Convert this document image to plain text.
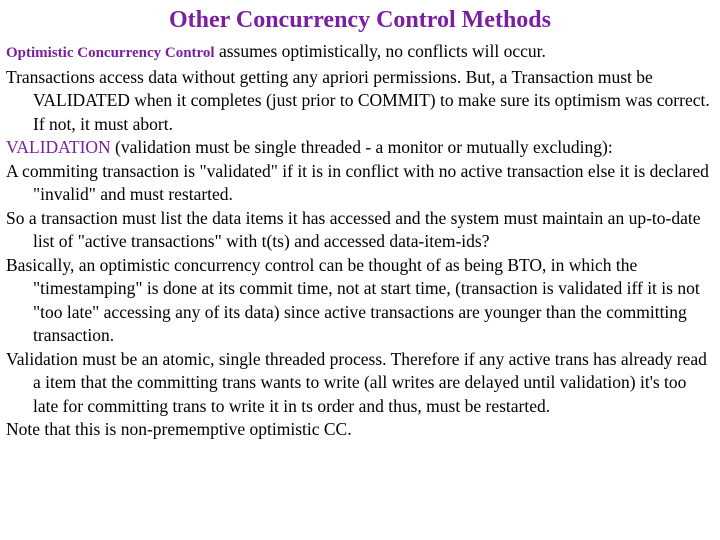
Other Concurrency Control Methods

Optimistic Concurrency Control assumes optimistically, no conflicts will occur.

Transactions access data without getting any apriori permissions. But, a Transaction must be VALIDATED when it completes (just prior to COMMIT) to make sure its optimism was correct. If not, it must abort.

VALIDATION (validation must be single threaded - a monitor or mutually excluding):

A commiting transaction is "validated" if it is in conflict with no active transaction else it is declared "invalid" and must restarted.

So a transaction must list the data items it has accessed and the system must maintain an up-to-date list of "active transactions" with t(ts) and accessed data-item-ids?

Basically, an optimistic concurrency control can be thought of as being BTO, in which the "timestamping" is done at its commit time, not at start time, (transaction is validated iff it is not "too late" accessing any of its data) since active transactions are younger than the committing transaction.

Validation must be an atomic, single threaded process. Therefore if any active trans has already read a item that the committing trans wants to write (all writes are delayed until validation) it's too late for committing trans to write it in ts order and thus, must be restarted.

Note that this is non-prememptive optimistic CC.
